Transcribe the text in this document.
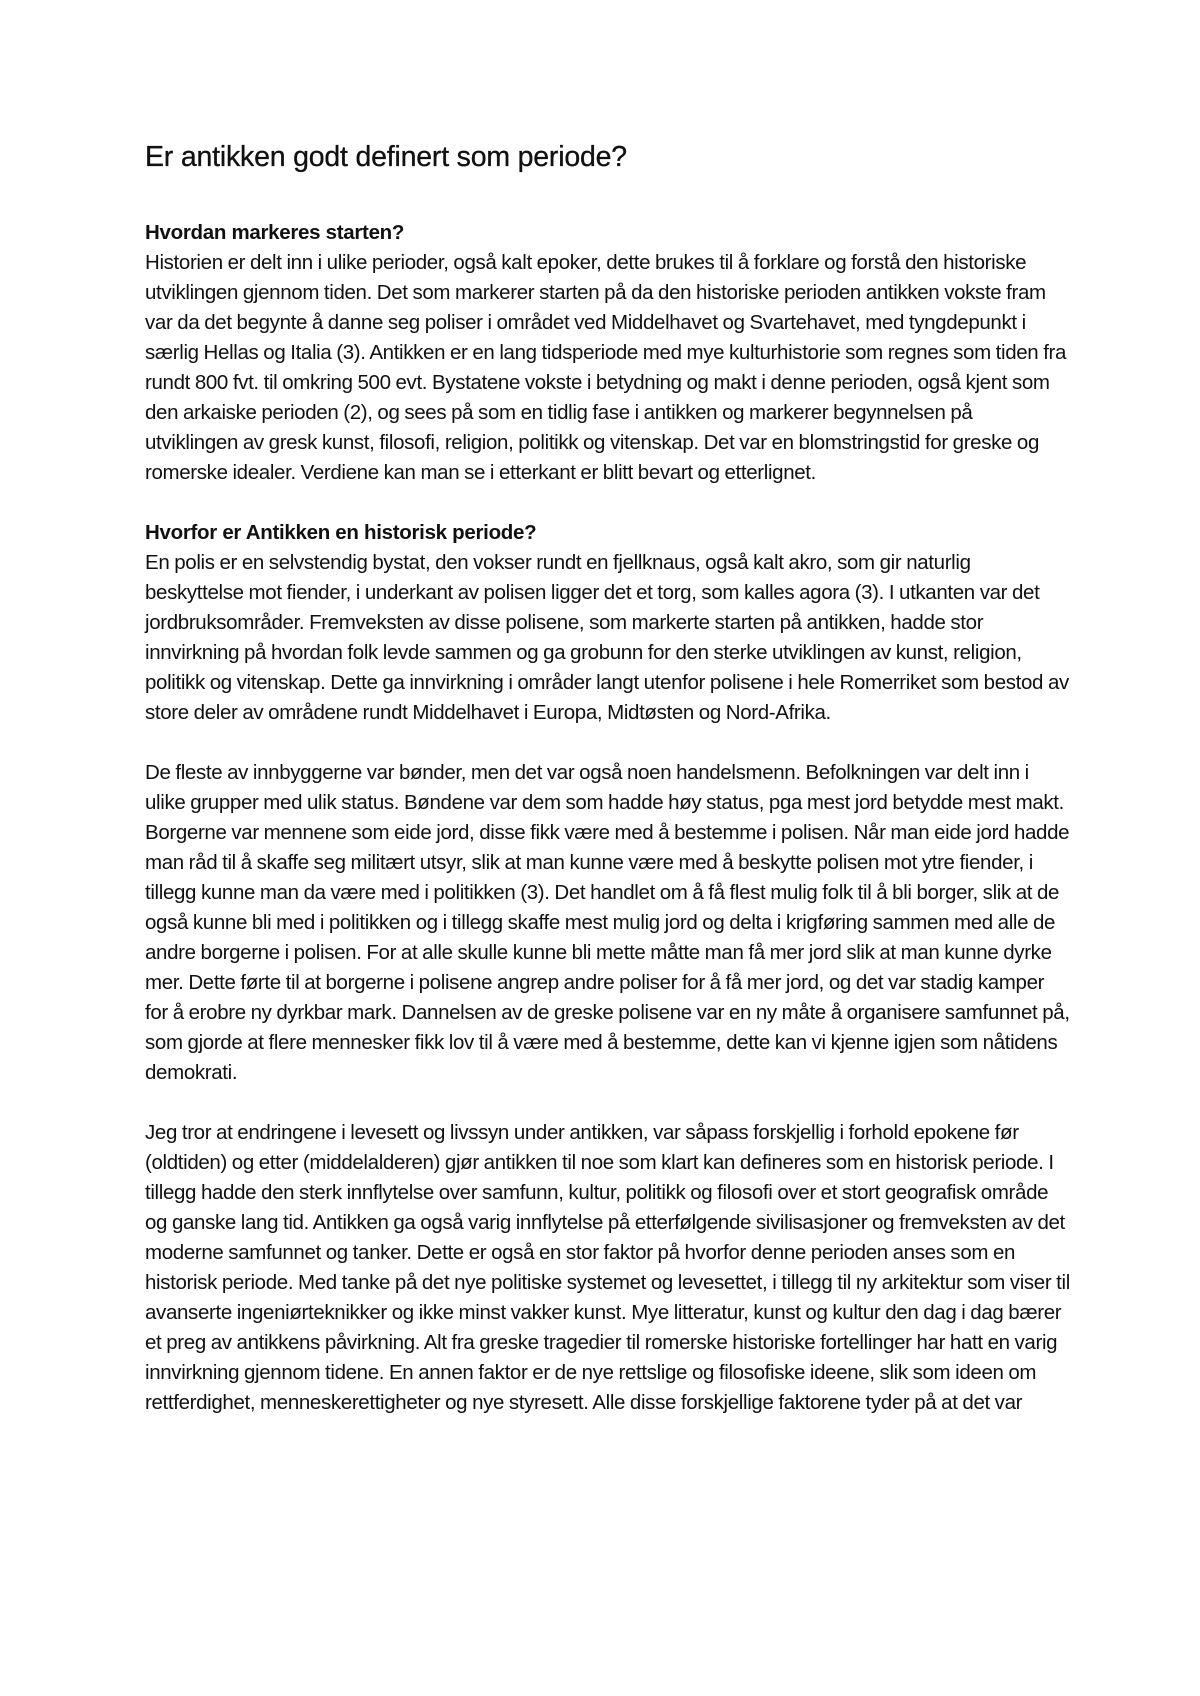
Er antikken godt definert som periode?
Hvordan markeres starten?

Historien er delt inn i ulike perioder, også kalt epoker, dette brukes til å forklare og forstå den historiske utviklingen gjennom tiden. Det som markerer starten på da den historiske perioden antikken vokste fram var da det begynte å danne seg poliser i området ved Middelhavet og Svartehavet, med tyngdepunkt i særlig Hellas og Italia (3). Antikken er en lang tidsperiode med mye kulturhistorie som regnes som tiden fra rundt 800 fvt. til omkring 500 evt. Bystatene vokste i betydning og makt i denne perioden, også kjent som den arkaiske perioden (2), og sees på som en tidlig fase i antikken og markerer begynnelsen på utviklingen av gresk kunst, filosofi, religion, politikk og vitenskap. Det var en blomstringstid for greske og romerske idealer. Verdiene kan man se i etterkant er blitt bevart og etterlignet.

Hvorfor er Antikken en historisk periode?

En polis er en selvstendig bystat, den vokser rundt en fjellknaus, også kalt akro, som gir naturlig beskyttelse mot fiender, i underkant av polisen ligger det et torg, som kalles agora (3). I utkanten var det jordbruksområder. Fremveksten av disse polisene, som markerte starten på antikken, hadde stor innvirkning på hvordan folk levde sammen og ga grobunn for den sterke utviklingen av kunst, religion, politikk og vitenskap. Dette ga innvirkning i områder langt utenfor polisene i hele Romerriket som bestod av store deler av områdene rundt Middelhavet i Europa, Midtøsten og Nord-Afrika.

De fleste av innbyggerne var bønder, men det var også noen handelsmenn. Befolkningen var delt inn i ulike grupper med ulik status. Bøndene var dem som hadde høy status, pga mest jord betydde mest makt. Borgerne var mennene som eide jord, disse fikk være med å bestemme i polisen. Når man eide jord hadde man råd til å skaffe seg militært utsyr, slik at man kunne være med å beskytte polisen mot ytre fiender, i tillegg kunne man da være med i politikken (3). Det handlet om å få flest mulig folk til å bli borger, slik at de også kunne bli med i politikken og i tillegg skaffe mest mulig jord og delta i krigføring sammen med alle de andre borgerne i polisen. For at alle skulle kunne bli mette måtte man få mer jord slik at man kunne dyrke mer. Dette førte til at borgerne i polisene angrep andre poliser for å få mer jord, og det var stadig kamper for å erobre ny dyrkbar mark. Dannelsen av de greske polisene var en ny måte å organisere samfunnet på, som gjorde at flere mennesker fikk lov til å være med å bestemme, dette kan vi kjenne igjen som nåtidens demokrati.

Jeg tror at endringene i levesett og livssyn under antikken, var såpass forskjellig i forhold epokene før (oldtiden) og etter (middelalderen) gjør antikken til noe som klart kan defineres som en historisk periode. I tillegg hadde den sterk innflytelse over samfunn, kultur, politikk og filosofi over et stort geografisk område og ganske lang tid. Antikken ga også varig innflytelse på etterfølgende sivilisasjoner og fremveksten av det moderne samfunnet og tanker. Dette er også en stor faktor på hvorfor denne perioden anses som en historisk periode. Med tanke på det nye politiske systemet og levesettet, i tillegg til ny arkitektur som viser til avanserte ingeniørteknikker og ikke minst vakker kunst. Mye litteratur, kunst og kultur den dag i dag bærer et preg av antikkens påvirkning. Alt fra greske tragedier til romerske historiske fortellinger har hatt en varig innvirkning gjennom tidene. En annen faktor er de nye rettslige og filosofiske ideene, slik som ideen om rettferdighet, menneskerettigheter og nye styresett. Alle disse forskjellige faktorene tyder på at det var
